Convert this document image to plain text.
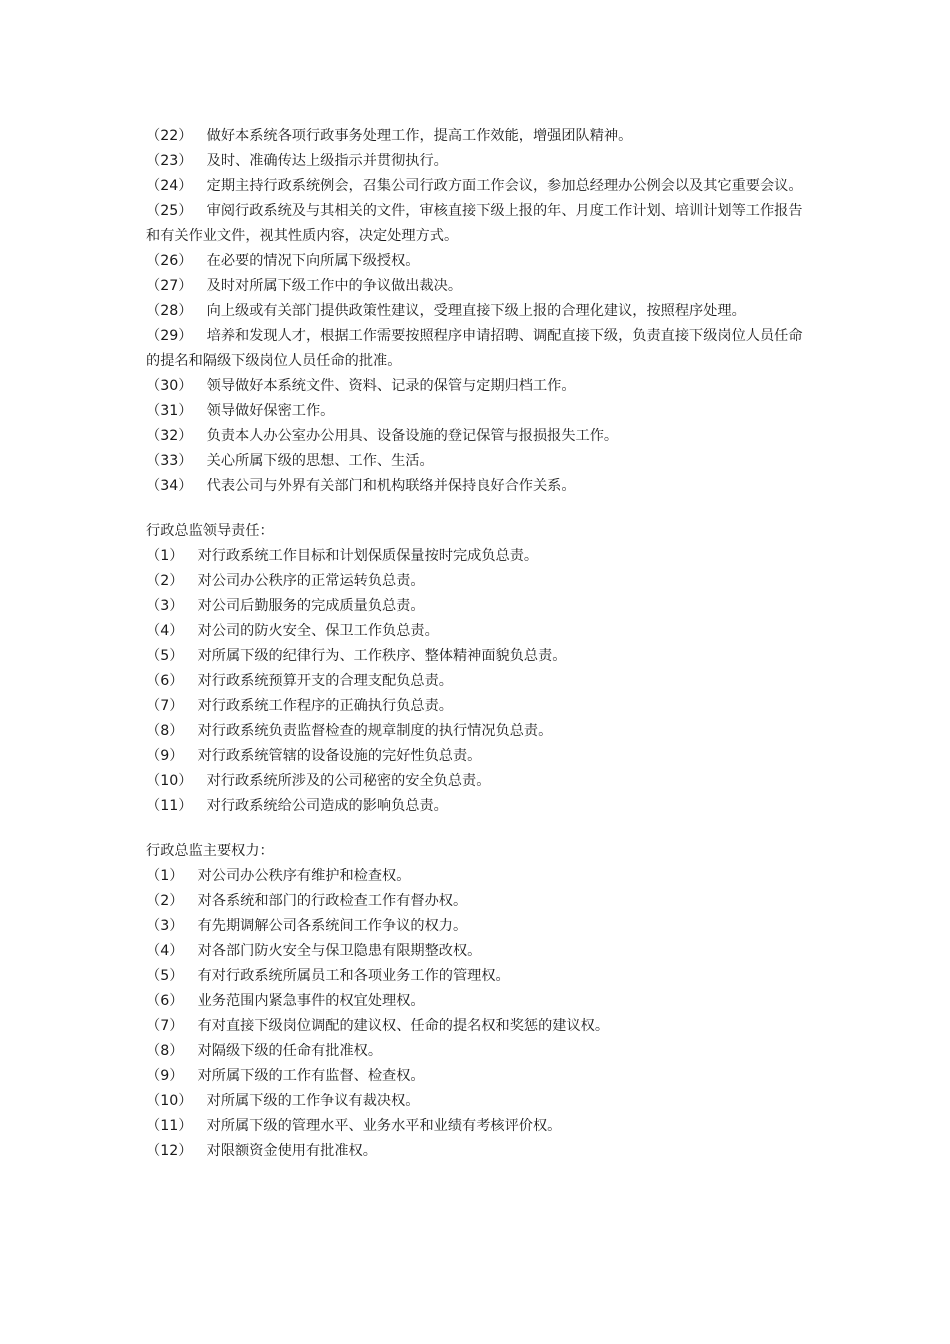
（22）　做好本系统各项行政事务处理工作，提高工作效能，增强团队精神。
（23）　及时、准确传达上级指示并贯彻执行。
（24）　定期主持行政系统例会，召集公司行政方面工作会议，参加总经理办公例会以及其它重要会议。
（25）　审阅行政系统及与其相关的文件，审核直接下级上报的年、月度工作计划、培训计划等工作报告和有关作业文件，视其性质内容，决定处理方式。
（26）　在必要的情况下向所属下级授权。
（27）　及时对所属下级工作中的争议做出裁决。
（28）　向上级或有关部门提供政策性建议，受理直接下级上报的合理化建议，按照程序处理。
（29）　培养和发现人才，根据工作需要按照程序申请招聘、调配直接下级，负责直接下级岗位人员任命的提名和隔级下级岗位人员任命的批准。
（30）　领导做好本系统文件、资料、记录的保管与定期归档工作。
（31）　领导做好保密工作。
（32）　负责本人办公室办公用具、设备设施的登记保管与报损报失工作。
（33）　关心所属下级的思想、工作、生活。
（34）　代表公司与外界有关部门和机构联络并保持良好合作关系。
行政总监领导责任：
（1）　对行政系统工作目标和计划保质保量按时完成负总责。
（2）　对公司办公秩序的正常运转负总责。
（3）　对公司后勤服务的完成质量负总责。
（4）　对公司的防火安全、保卫工作负总责。
（5）　对所属下级的纪律行为、工作秩序、整体精神面貌负总责。
（6）　对行政系统预算开支的合理支配负总责。
（7）　对行政系统工作程序的正确执行负总责。
（8）　对行政系统负责监督检查的规章制度的执行情况负总责。
（9）　对行政系统管辖的设备设施的完好性负总责。
（10）　对行政系统所涉及的公司秘密的安全负总责。
（11）　对行政系统给公司造成的影响负总责。
行政总监主要权力：
（1）　对公司办公秩序有维护和检查权。
（2）　对各系统和部门的行政检查工作有督办权。
（3）　有先期调解公司各系统间工作争议的权力。
（4）　对各部门防火安全与保卫隐患有限期整改权。
（5）　有对行政系统所属员工和各项业务工作的管理权。
（6）　业务范围内紧急事件的权宜处理权。
（7）　有对直接下级岗位调配的建议权、任命的提名权和奖惩的建议权。
（8）　对隔级下级的任命有批准权。
（9）　对所属下级的工作有监督、检查权。
（10）　对所属下级的工作争议有裁决权。
（11）　对所属下级的管理水平、业务水平和业绩有考核评价权。
（12）　对限额资金使用有批准权。
